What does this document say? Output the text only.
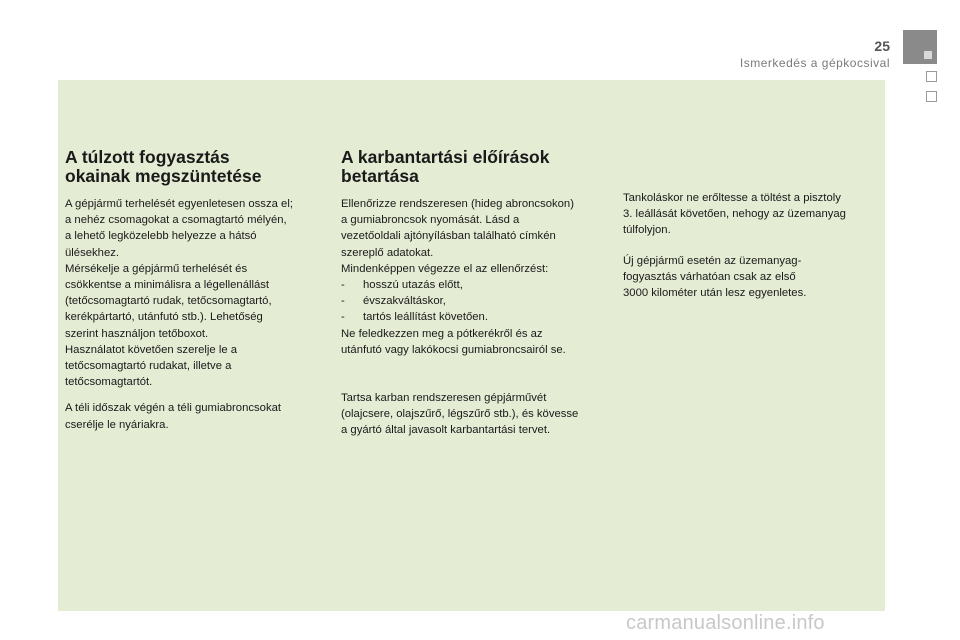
25
Ismerkedés a gépkocsival
A túlzott fogyasztás
okainak megszüntetése
A gépjármű terhelését egyenletesen ossza el;
a nehéz csomagokat a csomagtartó mélyén,
a lehető legközelebb helyezze a hátsó
ülésekhez.
Mérsékelje a gépjármű terhelését és
csökkentse a minimálisra a légellenállást
(tetőcsomagtartó rudak, tetőcsomagtartó,
kerékpártartó, utánfutó stb.). Lehetőség
szerint használjon tetőboxot.
Használatot követően szerelje le a
tetőcsomagtartó rudakat, illetve a
tetőcsomagtartót.
A téli időszak végén a téli gumiabroncsokat
cserélje le nyáriakra.
A karbantartási előírások
betartása
Ellenőrizze rendszeresen (hideg abroncsokon)
a gumiabroncsok nyomását. Lásd a
vezetőoldali ajtónyílásban található címkén
szereplő adatokat.
Mindenképpen végezze el az ellenőrzést:
- hosszú utazás előtt,
- évszakváltáskor,
- tartós leállítást követően.
Ne feledkezzen meg a pótkerékről és az
utánfutó vagy lakókocsi gumiabroncsairól se.
Tartsa karban rendszeresen gépjárművét
(olajcsere, olajszűrő, légszűrő stb.), és kövesse
a gyártó által javasolt karbantartási tervet.
Tankoláskor ne erőltesse a töltést a pisztoly
3. leállását követően, nehogy az üzemanyag
túlfolyjon.
Új gépjármű esetén az üzemanyag-
fogyasztás várhatóan csak az első
3000 kilométer után lesz egyenletes.
carmanualsonline.info
